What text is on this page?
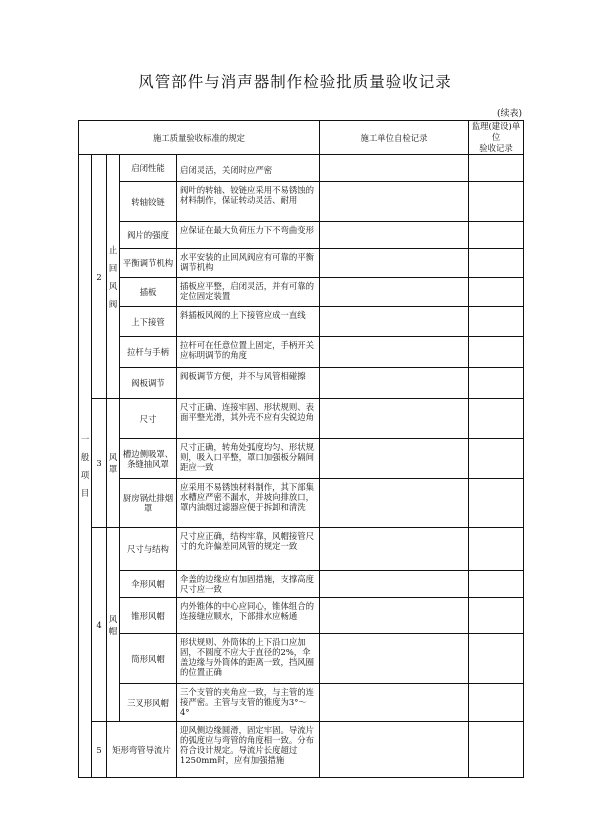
风管部件与消声器制作检验批质量验收记录
(续表)
施工质量验收标准的规定					施工单位自检记录	监理(建设)单位
验收记录

一般项目	2	止回风阀	启闭性能	启闭灵活，关闭时应严密		
			转轴铰链	阀叶的转轴、铰链应采用不易锈蚀的材料制作，保证转动灵活、耐用		
			阀片的强度	应保证在最大负荷压力下不弯曲变形		
			平衡调节机构	水平安装的止回风阀应有可靠的平衡调节机构		
			插板	插板应平整，启闭灵活，并有可靠的定位固定装置		
			上下接管	斜插板风阀的上下接管应成一直线		
			拉杆与手柄	拉杆可在任意位置上固定，手柄开关应标明调节的角度		
			阀板调节	阀板调节方便，并不与风管相碰擦		
	3	风罩	尺寸	尺寸正确、连接牢固、形状规则、表面平整光滑，其外壳不应有尖锐边角		
			槽边侧吸罩、条缝抽风罩	尺寸正确，转角处弧度均匀、形状规则，吸入口平整，罩口加强板分隔间距应一致		
			厨房锅灶排烟罩	应采用不易锈蚀材料制作，其下部集水槽应严密不漏水，并坡向排放口，罩内油烟过滤器应便于拆卸和清洗		
	4	风帽	尺寸与结构	尺寸应正确，结构牢靠，风帽接管尺寸的允许偏差同风管的规定一致		
			伞形风帽	伞盖的边缘应有加固措施，支撑高度尺寸应一致		
			锥形风帽	内外锥体的中心应同心，锥体组合的连接缝应顺水，下部排水应畅通		
			筒形风帽	形状规则、外筒体的上下沿口应加固，不圆度不应大于直径的2%，伞盖边缘与外筒体的距离一致，挡风圈的位置正确		
			三叉形风帽	三个支管的夹角应一致，与主管的连接严密。主管与支管的锥度为3°～4°		
	5	矩形弯管导流片		迎风侧边缘圆滑，固定牢固。导流片的弧度应与弯管的角度相一致。分布符合设计规定。导流片长度超过1250mm时，应有加强措施		
